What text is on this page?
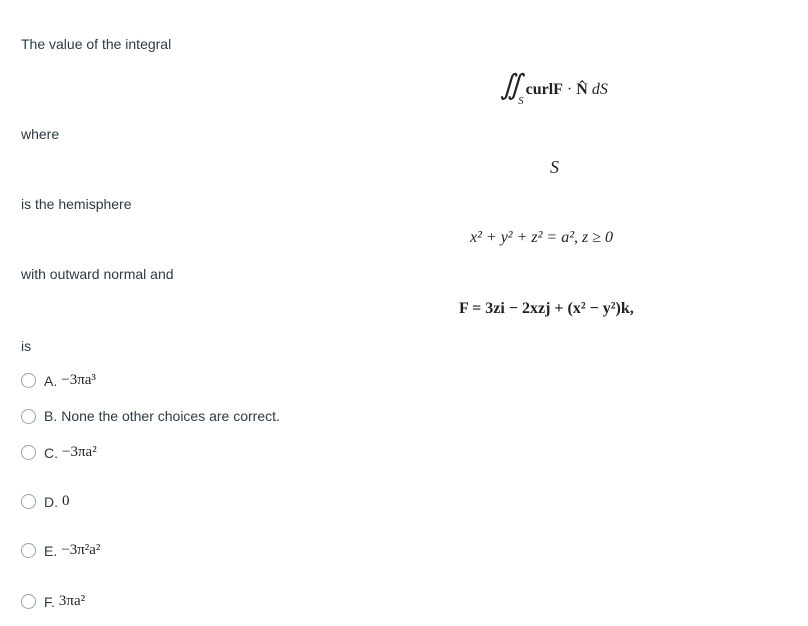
The value of the integral
where
is the hemisphere
with outward normal and
is
∬ $_S$ curlF · N̂ dS
S
x² + y² + z² = a², z ≥ 0
F = 3zi − 2xzj + (x² − y²)k,
A. −3πa³
B. None the other choices are correct.
C. −3πa²
D. 0
E. −3π²a²
F. 3πa²
